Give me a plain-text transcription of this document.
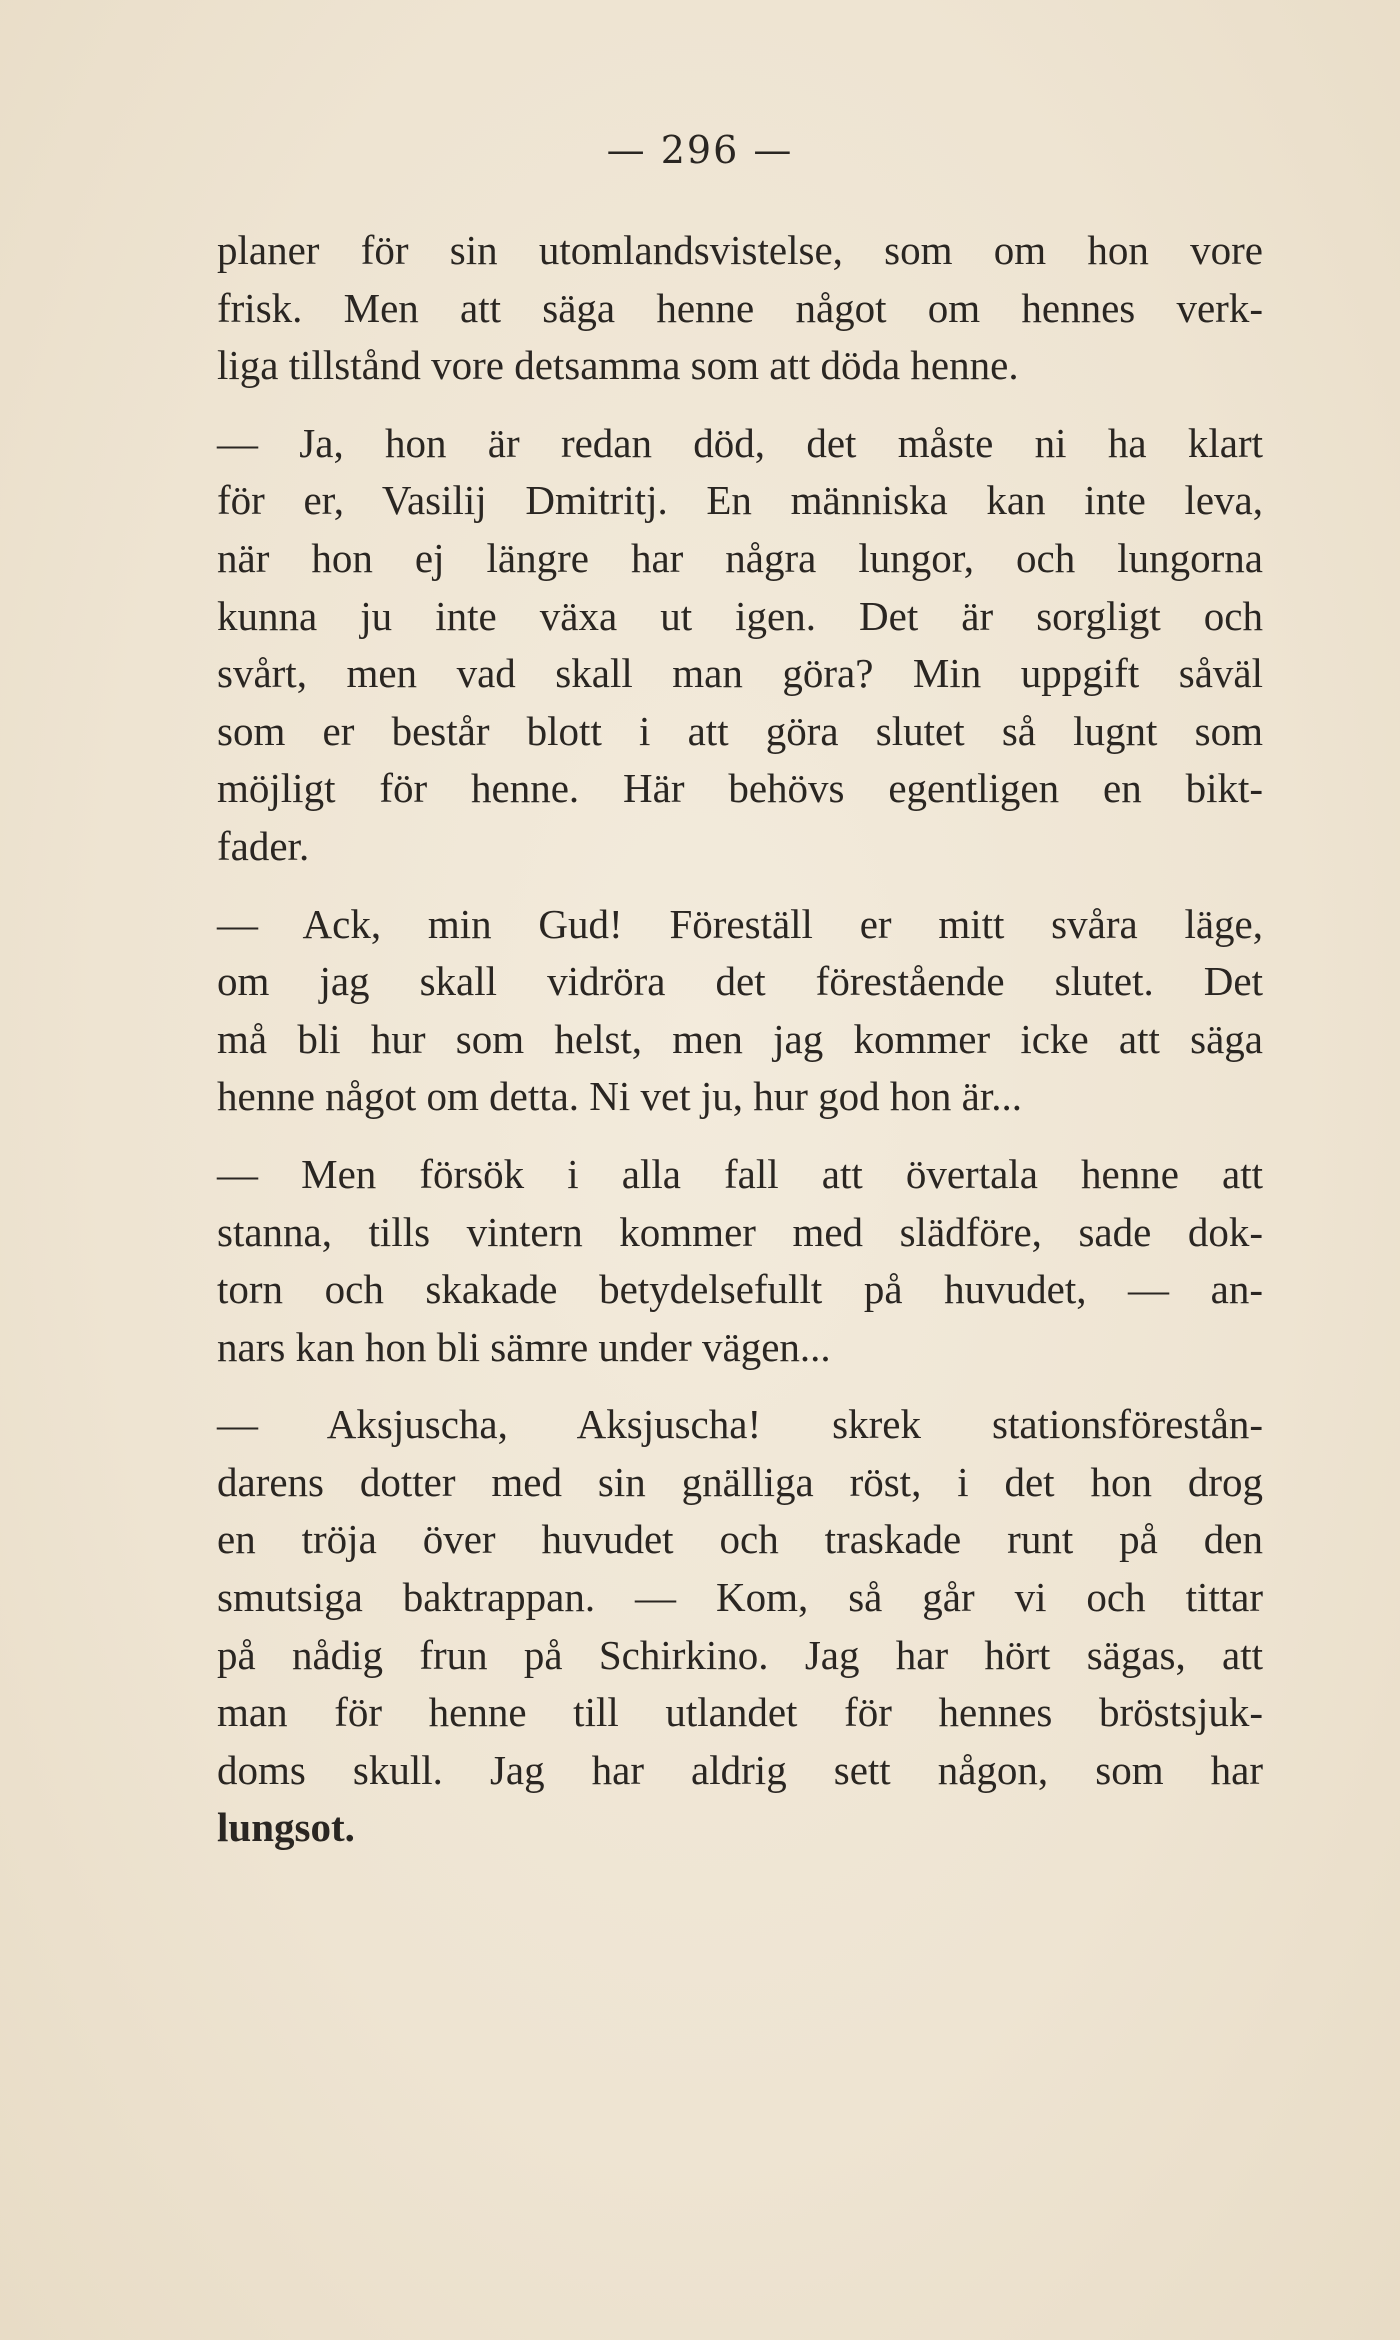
— 296 —
planer för sin utomlandsvistelse, som om hon vore
frisk. Men att säga henne något om hennes verk-
liga tillstånd vore detsamma som att döda henne.
— Ja, hon är redan död, det måste ni ha klart
för er, Vasilij Dmitritj. En människa kan inte leva,
när hon ej längre har några lungor, och lungorna
kunna ju inte växa ut igen. Det är sorgligt och
svårt, men vad skall man göra? Min uppgift såväl
som er består blott i att göra slutet så lugnt som
möjligt för henne. Här behövs egentligen en bikt-
fader.
— Ack, min Gud! Föreställ er mitt svåra läge,
om jag skall vidröra det förestående slutet. Det
må bli hur som helst, men jag kommer icke att säga
henne något om detta. Ni vet ju, hur god hon är...
— Men försök i alla fall att övertala henne att
stanna, tills vintern kommer med slädföre, sade dok-
torn och skakade betydelsefullt på huvudet, — an-
nars kan hon bli sämre under vägen...
— Aksjuscha, Aksjuscha! skrek stationsförestån-
darens dotter med sin gnälliga röst, i det hon drog
en tröja över huvudet och traskade runt på den
smutsiga baktrappan. — Kom, så går vi och tittar
på nådig frun på Schirkino. Jag har hört sägas, att
man för henne till utlandet för hennes bröstsjuk-
doms skull. Jag har aldrig sett någon, som har
lungsot.
